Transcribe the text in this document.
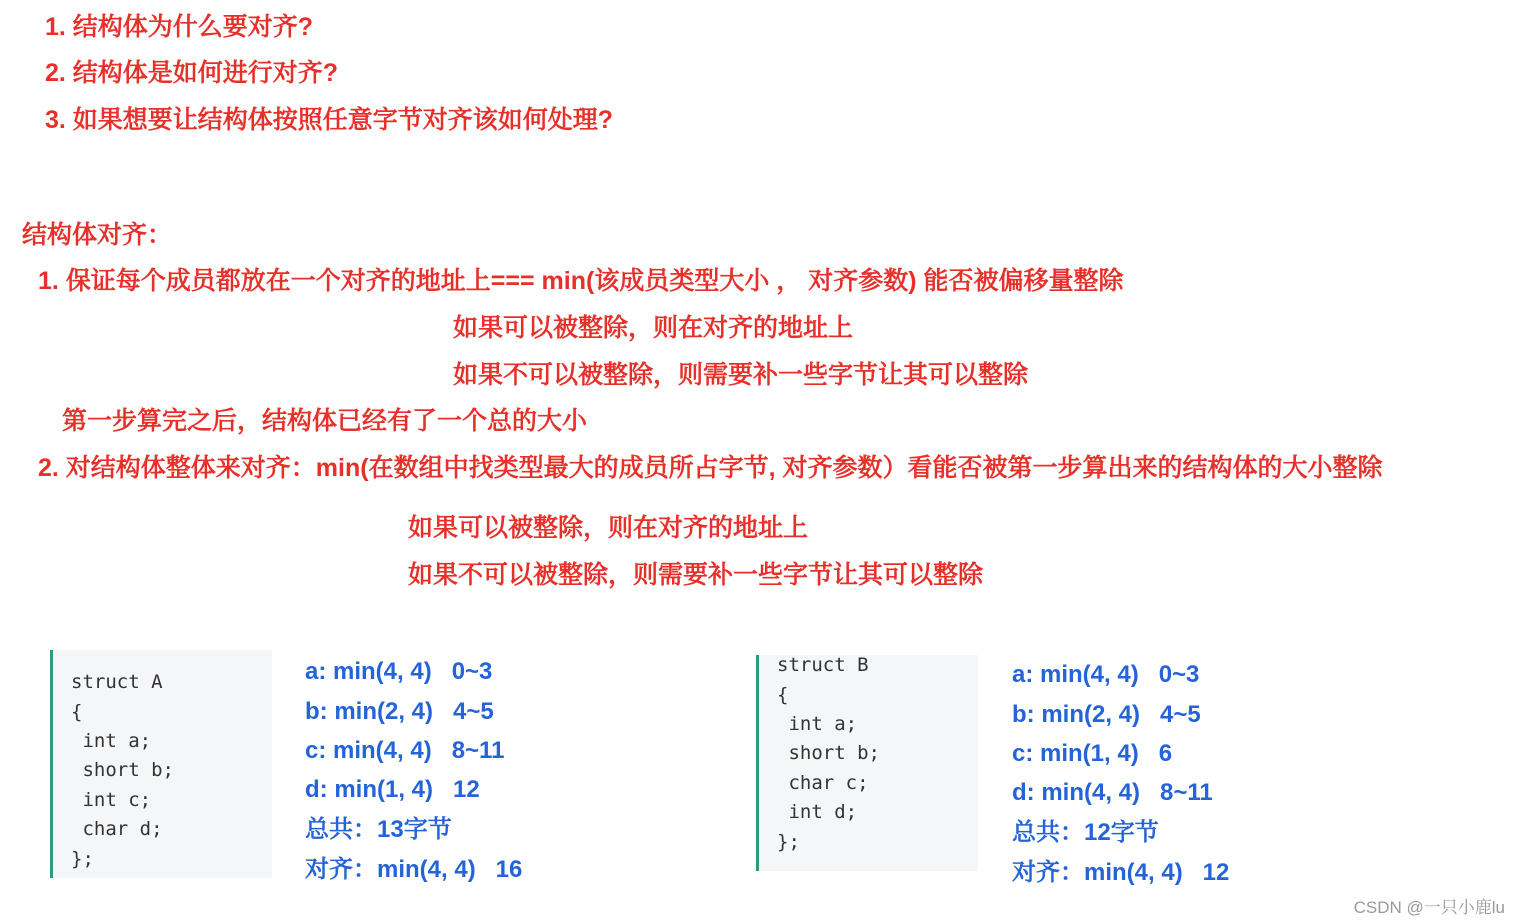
1. 结构体为什么要对齐?
2. 结构体是如何进行对齐?
3. 如果想要让结构体按照任意字节对齐该如何处理?
结构体对齐：
1. 保证每个成员都放在一个对齐的地址上=== min(该成员类型大小 ， 对齐参数) 能否被偏移量整除
如果可以被整除，则在对齐的地址上
如果不可以被整除，则需要补一些字节让其可以整除
第一步算完之后，结构体已经有了一个总的大小
2. 对结构体整体来对齐：min(在数组中找类型最大的成员所占字节, 对齐参数）看能否被第一步算出来的结构体的大小整除
如果可以被整除，则在对齐的地址上
如果不可以被整除，则需要补一些字节让其可以整除
struct A
{
int a;
short b;
int c;
char d;
};
a: min(4, 4)   0~3
b: min(2, 4)   4~5
c: min(4, 4)   8~11
d: min(1, 4)   12
总共：13字节
对齐：min(4, 4)   16
struct B
{
int a;
short b;
char c;
int d;
};
a: min(4, 4)   0~3
b: min(2, 4)   4~5
c: min(1, 4)   6
d: min(4, 4)   8~11
总共：12字节
对齐：min(4, 4)   12
CSDN @一只小鹿lu
